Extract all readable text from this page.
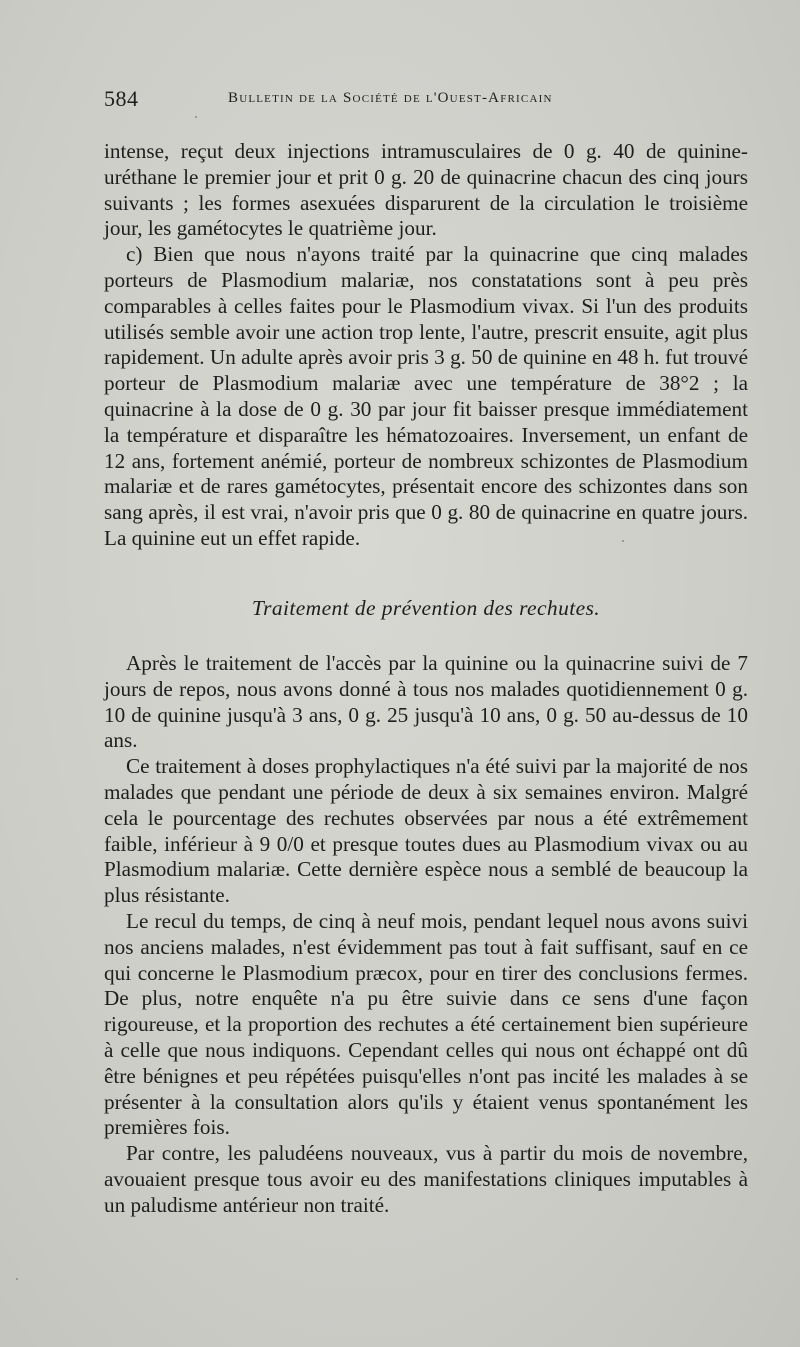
584	Bulletin de la Société de l'Ouest-Africain

intense, reçut deux injections intramusculaires de 0 g. 40 de quinine-uréthane le premier jour et prit 0 g. 20 de quinacrine chacun des cinq jours suivants ; les formes asexuées disparurent de la circulation le troisième jour, les gamétocytes le quatrième jour.

c) Bien que nous n'ayons traité par la quinacrine que cinq malades porteurs de Plasmodium malariæ, nos constatations sont à peu près comparables à celles faites pour le Plasmodium vivax. Si l'un des produits utilisés semble avoir une action trop lente, l'autre, prescrit ensuite, agit plus rapidement. Un adulte après avoir pris 3 g. 50 de quinine en 48 h. fut trouvé porteur de Plasmodium malariæ avec une température de 38°2 ; la quinacrine à la dose de 0 g. 30 par jour fit baisser presque immédiatement la température et disparaître les hématozoaires. Inversement, un enfant de 12 ans, fortement anémié, porteur de nombreux schizontes de Plasmodium malariæ et de rares gamétocytes, présentait encore des schizontes dans son sang après, il est vrai, n'avoir pris que 0 g. 80 de quinacrine en quatre jours. La quinine eut un effet rapide.

Traitement de prévention des rechutes.

Après le traitement de l'accès par la quinine ou la quinacrine suivi de 7 jours de repos, nous avons donné à tous nos malades quotidiennement 0 g. 10 de quinine jusqu'à 3 ans, 0 g. 25 jusqu'à 10 ans, 0 g. 50 au-dessus de 10 ans.

Ce traitement à doses prophylactiques n'a été suivi par la majorité de nos malades que pendant une période de deux à six semaines environ. Malgré cela le pourcentage des rechutes observées par nous a été extrêmement faible, inférieur à 9 0/0 et presque toutes dues au Plasmodium vivax ou au Plasmodium malariæ. Cette dernière espèce nous a semblé de beaucoup la plus résistante.

Le recul du temps, de cinq à neuf mois, pendant lequel nous avons suivi nos anciens malades, n'est évidemment pas tout à fait suffisant, sauf en ce qui concerne le Plasmodium præcox, pour en tirer des conclusions fermes. De plus, notre enquête n'a pu être suivie dans ce sens d'une façon rigoureuse, et la proportion des rechutes a été certainement bien supérieure à celle que nous indiquons. Cependant celles qui nous ont échappé ont dû être bénignes et peu répétées puisqu'elles n'ont pas incité les malades à se présenter à la consultation alors qu'ils y étaient venus spontanément les premières fois.

Par contre, les paludéens nouveaux, vus à partir du mois de novembre, avouaient presque tous avoir eu des manifestations cliniques imputables à un paludisme antérieur non traité.
